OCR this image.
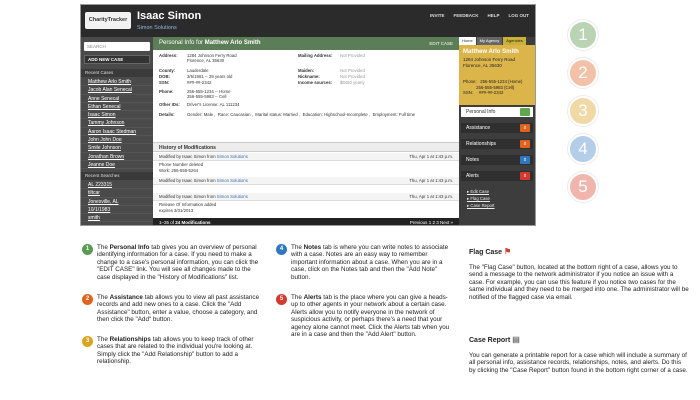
CharityTracker Isaac Simon
Simon Solutions
INVITE FEEDBACK HELP LOG OUT
SEARCH
ADD NEW CASE
Recent Cases
Matthew Arlo Smith
Jacob Alan Senecal
Anne Senecal
Ethan Senecal
Isaac Simon
Tammy Johnson
Aaron Isaac Stedman
John John Doe
Smile Johnson
Jonathan Brown
Jeanne Doe
Recent Searches
AL 223315
tiltcar
Jonesville, AL
10/1/1983
smith
Personal Info for Matthew Arlo Smith	EDIT CASE
Address:	1284 Johnson Ferry Road
Florence, AL 35630
County:	Lauderdale
DOB:	3/5/1981 -- 29 years old
SSN:	###-##-2342
Phone:	256-555-1234 -- Home
256-555-5983 -- Cell
Other IDs:	Driver's License: AL 111234
Details:	Gender: Male ,  Race: Caucasian ,  Marital status: Married ,  Education: Highschool-Incomplete ,  Employment: Full time
Mailing Address:	Not Provided
Maiden:	Not Provided
Nickname:	Not Provided
Income sources:	$8450 yearly
History of Modifications
Modified by Isaac Simon from Simon Solutions	Thu, Apr 1 at 1:43 p.m.
Phone Number deleted
Work: 256-555-5264
Modified by Isaac Simon from Simon Solutions	Thu, Apr 1 at 1:43 p.m.
Modified by Isaac Simon from Simon Solutions	Thu, Apr 1 at 1:43 p.m.
Release Of Information added
expires 3/31/2013
1–35 of 24 Modifications	Previous 1 2 3 Next »
Home	My Agency	Agencies
Matthew Arlo Smith
1284 Johnson Ferry Road
Florence, AL 35630
Phone:   256-555-1234 (Home)
256-555-5983 (Cell)
SSN:     ###-##-2342
Personal Info
Assistance	0
Relationships	0
Notes	0
Alerts	0
▸ Edit Case
▸ Flag Case
▸ Case Report
1
2
3
4
5
1	The Personal Info tab gives you an overview of personal identifying information for a case. If you need to make a change to a case's personal information, you can click the "EDIT CASE" link. You will see all changes made to the case displayed in the "History of Modifications" list.

2	The Assistance tab allows you to view all past assistance records and add new ones to a case. Click the "Add Assistance" button, enter a value, choose a category, and then click the "Add" button.

3	The Relationships tab allows you to keep track of other cases that are related to the individual you're looking at. Simply click the "Add Relationship" button to add a relationship.

4	The Notes tab is where you can write notes to associate with a case. Notes are an easy way to remember important information about a case. When you are in a case, click on the Notes tab and then the "Add Note" button.

5	The Alerts tab is the place where you can give a heads-up to other agents in your network about a certain case. Alerts allow you to notify everyone in the network of suspicious activity, or perhaps there's a need that your agency alone cannot meet. Click the Alerts tab when you are in a case and then the "Add Alert" button.

Flag Case ⚑
The "Flag Case" button, located at the bottom right of a case, allows you to send a message to the network administrator if you notice an issue with a case. For example, you can use this feature if you notice two cases for the same individual and they need to be merged into one. The administrator will be notified of the flagged case via email.
Case Report ▤
You can generate a printable report for a case which will include a summary of all personal info, assistance records, relationships, notes, and alerts. Do this by clicking the "Case Report" button found in the bottom right corner of a case.
